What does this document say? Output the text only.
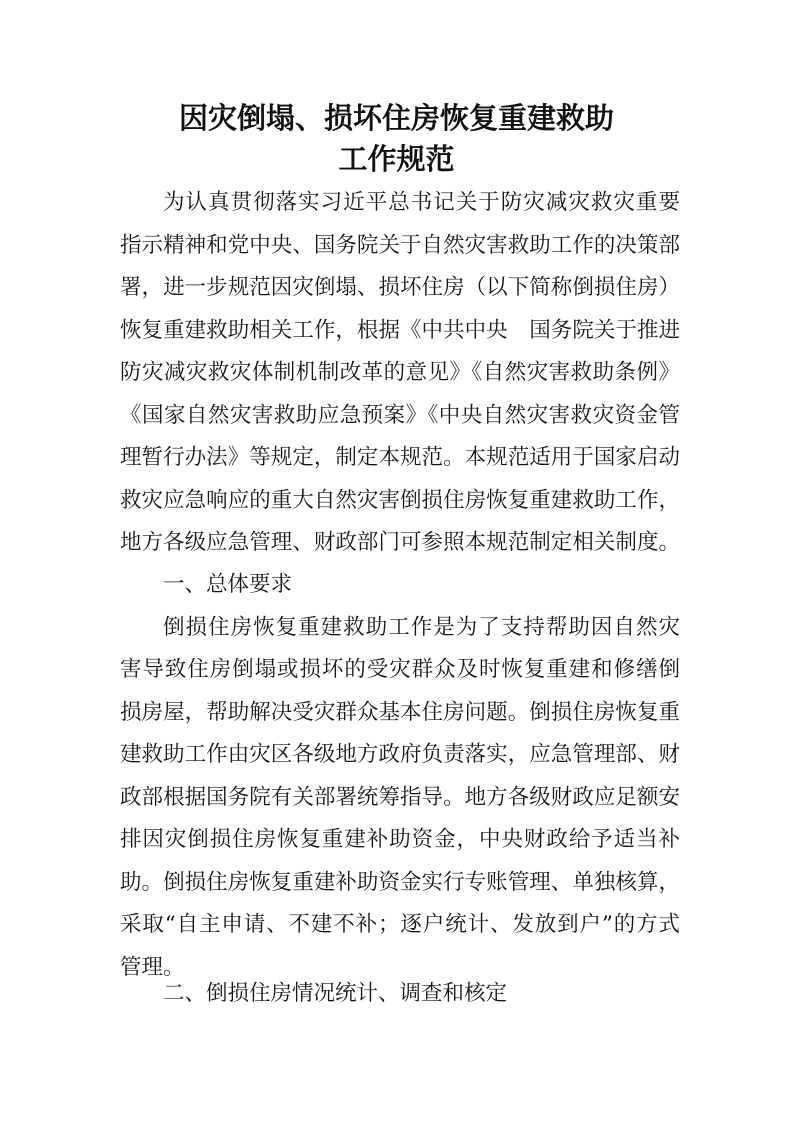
因灾倒塌、损坏住房恢复重建救助
工作规范
为认真贯彻落实习近平总书记关于防灾减灾救灾重要
指示精神和党中央、国务院关于自然灾害救助工作的决策部
署，进一步规范因灾倒塌、损坏住房（以下简称倒损住房）
恢复重建救助相关工作，根据《中共中央　国务院关于推进
防灾减灾救灾体制机制改革的意见》《自然灾害救助条例》
《国家自然灾害救助应急预案》《中央自然灾害救灾资金管
理暂行办法》等规定，制定本规范。本规范适用于国家启动
救灾应急响应的重大自然灾害倒损住房恢复重建救助工作，
地方各级应急管理、财政部门可参照本规范制定相关制度。
一、总体要求
倒损住房恢复重建救助工作是为了支持帮助因自然灾
害导致住房倒塌或损坏的受灾群众及时恢复重建和修缮倒
损房屋，帮助解决受灾群众基本住房问题。倒损住房恢复重
建救助工作由灾区各级地方政府负责落实，应急管理部、财
政部根据国务院有关部署统筹指导。地方各级财政应足额安
排因灾倒损住房恢复重建补助资金，中央财政给予适当补
助。倒损住房恢复重建补助资金实行专账管理、单独核算，
采取“自主申请、不建不补；逐户统计、发放到户”的方式
管理。
二、倒损住房情况统计、调查和核定
